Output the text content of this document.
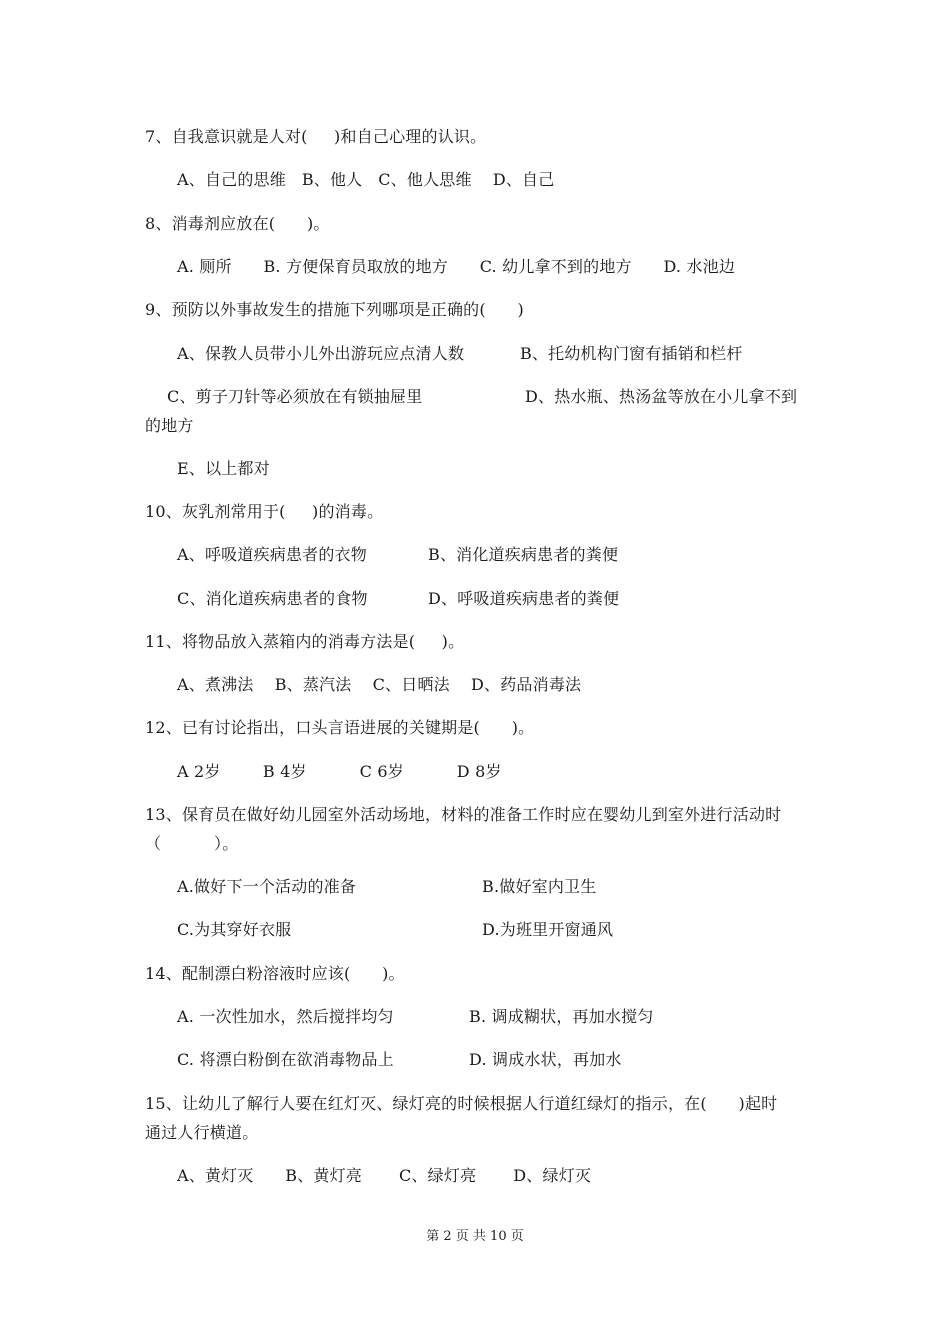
7、自我意识就是人对(     )和自己心理的认识。
A、自己的思维   B、他人   C、他人思维    D、自己
8、消毒剂应放在(      )。
A. 厕所      B. 方便保育员取放的地方      C. 幼儿拿不到的地方      D. 水池边
9、预防以外事故发生的措施下列哪项是正确的(      )
A、保教人员带小儿外出游玩应点清人数	B、托幼机构门窗有插销和栏杆
C、剪子刀针等必须放在有锁抽屉里	D、热水瓶、热汤盆等放在小儿拿不到
的地方
E、以上都对
10、灰乳剂常用于(     )的消毒。
A、呼吸道疾病患者的衣物	B、消化道疾病患者的粪便
C、消化道疾病患者的食物	D、呼吸道疾病患者的粪便
11、将物品放入蒸箱内的消毒方法是(     )。
A、煮沸法    B、蒸汽法    C、日晒法    D、药品消毒法
12、已有讨论指出，口头言语进展的关键期是(      )。
A 2岁        B 4岁          C 6岁          D 8岁
13、保育员在做好幼儿园室外活动场地，材料的准备工作时应在婴幼儿到室外进行活动时
（          ）。
A.做好下一个活动的准备	B.做好室内卫生
C.为其穿好衣服	D.为班里开窗通风
14、配制漂白粉溶液时应该(      )。
A. 一次性加水，然后搅拌均匀	B. 调成糊状，再加水搅匀
C. 将漂白粉倒在欲消毒物品上	D. 调成水状，再加水
15、让幼儿了解行人要在红灯灭、绿灯亮的时候根据人行道红绿灯的指示，在(      )起时
通过人行横道。
A、黄灯灭      B、黄灯亮       C、绿灯亮       D、绿灯灭
第 2 页 共 10 页
